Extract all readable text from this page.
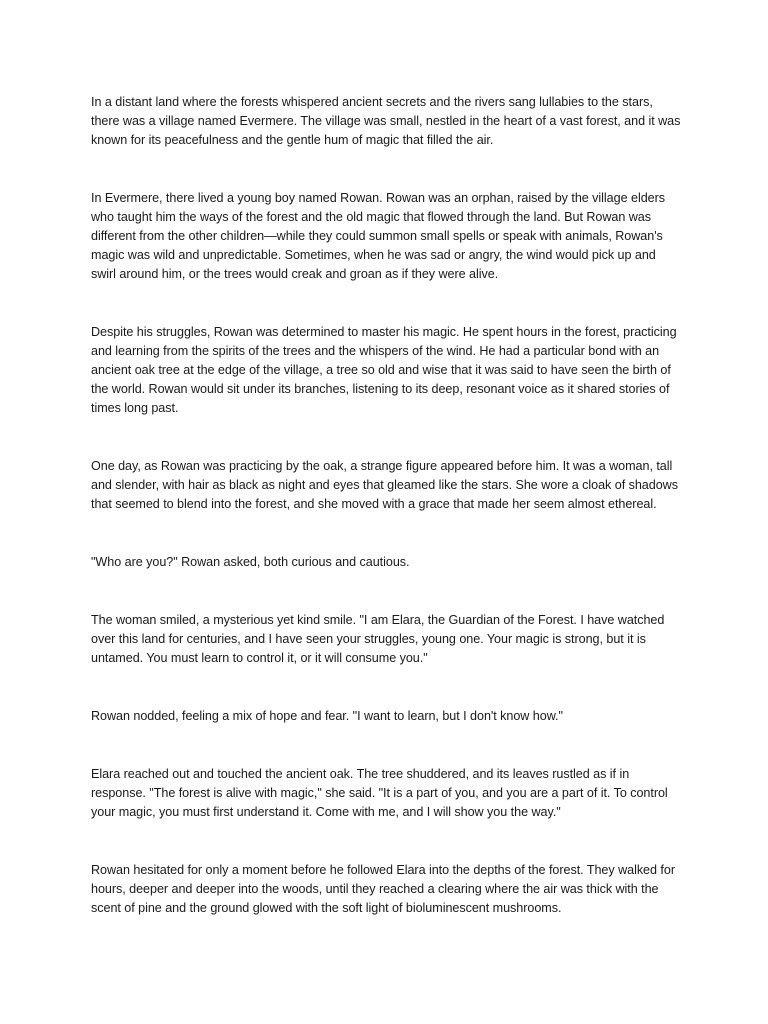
In a distant land where the forests whispered ancient secrets and the rivers sang lullabies to the stars, there was a village named Evermere. The village was small, nestled in the heart of a vast forest, and it was known for its peacefulness and the gentle hum of magic that filled the air.

In Evermere, there lived a young boy named Rowan. Rowan was an orphan, raised by the village elders who taught him the ways of the forest and the old magic that flowed through the land. But Rowan was different from the other children—while they could summon small spells or speak with animals, Rowan's magic was wild and unpredictable. Sometimes, when he was sad or angry, the wind would pick up and swirl around him, or the trees would creak and groan as if they were alive.

Despite his struggles, Rowan was determined to master his magic. He spent hours in the forest, practicing and learning from the spirits of the trees and the whispers of the wind. He had a particular bond with an ancient oak tree at the edge of the village, a tree so old and wise that it was said to have seen the birth of the world. Rowan would sit under its branches, listening to its deep, resonant voice as it shared stories of times long past.

One day, as Rowan was practicing by the oak, a strange figure appeared before him. It was a woman, tall and slender, with hair as black as night and eyes that gleamed like the stars. She wore a cloak of shadows that seemed to blend into the forest, and she moved with a grace that made her seem almost ethereal.

"Who are you?" Rowan asked, both curious and cautious.

The woman smiled, a mysterious yet kind smile. "I am Elara, the Guardian of the Forest. I have watched over this land for centuries, and I have seen your struggles, young one. Your magic is strong, but it is untamed. You must learn to control it, or it will consume you."

Rowan nodded, feeling a mix of hope and fear. "I want to learn, but I don't know how."

Elara reached out and touched the ancient oak. The tree shuddered, and its leaves rustled as if in response. "The forest is alive with magic," she said. "It is a part of you, and you are a part of it. To control your magic, you must first understand it. Come with me, and I will show you the way."

Rowan hesitated for only a moment before he followed Elara into the depths of the forest. They walked for hours, deeper and deeper into the woods, until they reached a clearing where the air was thick with the scent of pine and the ground glowed with the soft light of bioluminescent mushrooms.
